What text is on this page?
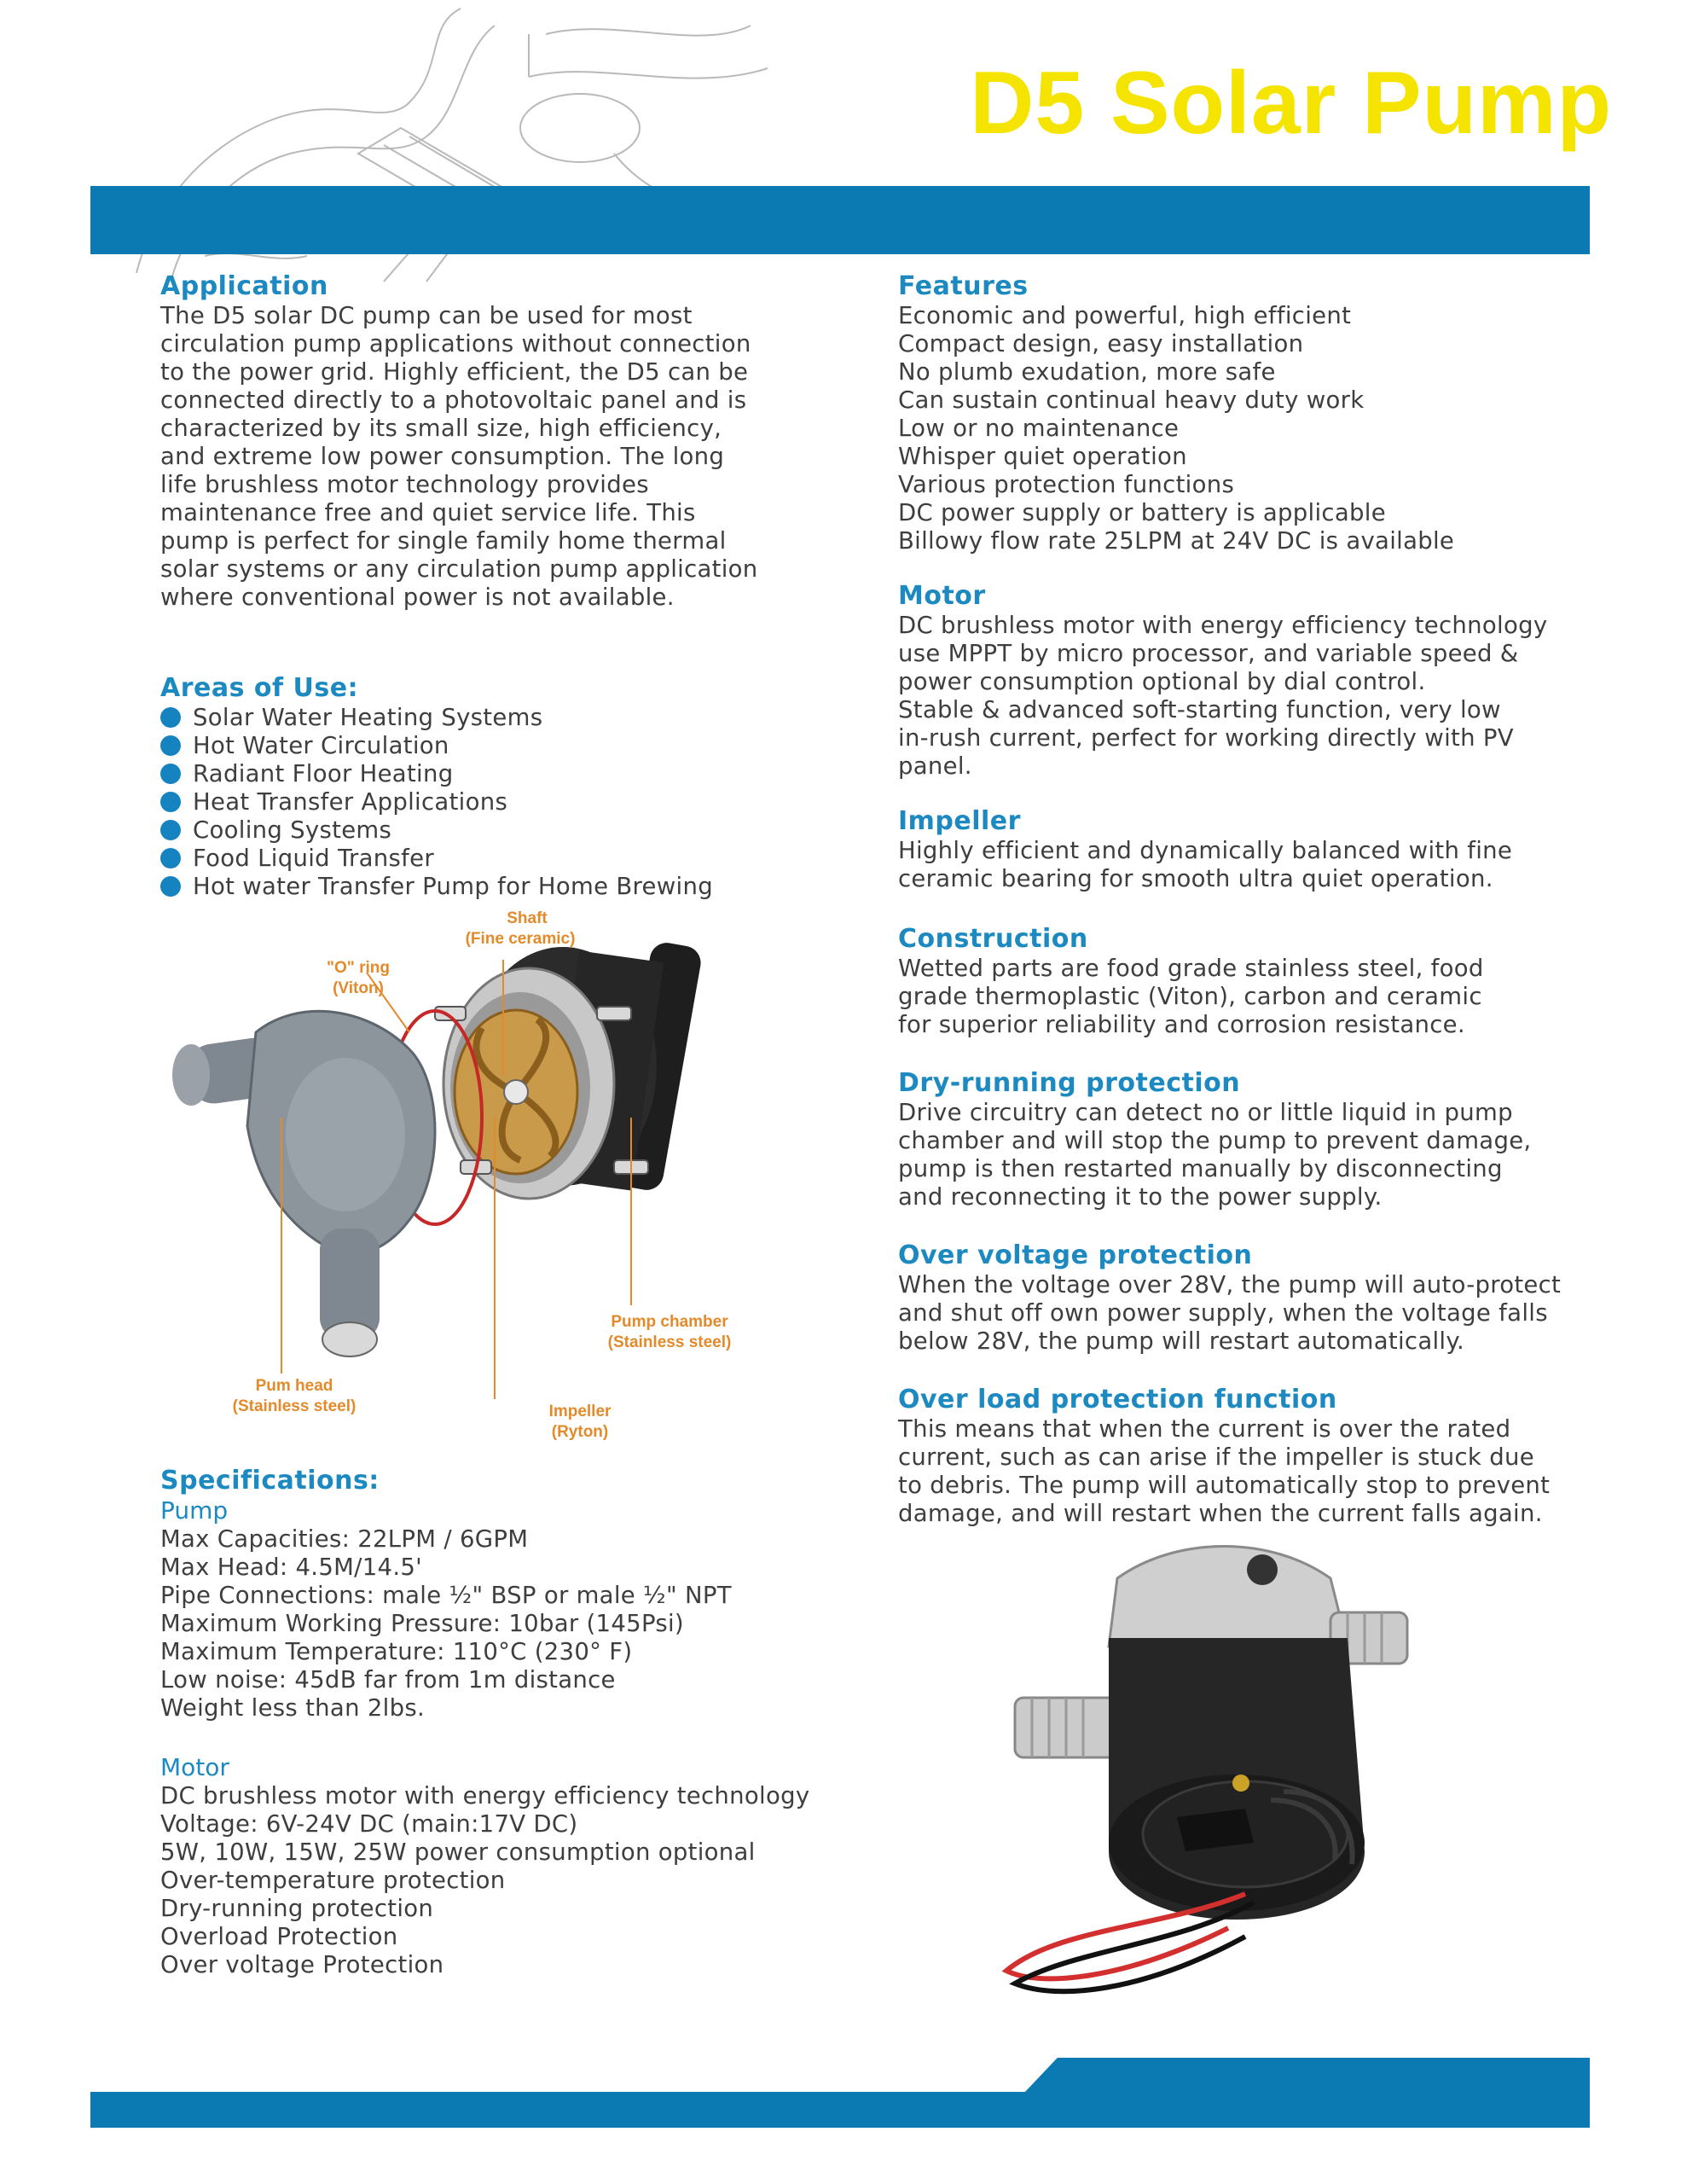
D5 Solar Pump
Application

The D5 solar DC pump can be used for most
circulation pump applications without connection
to the power grid. Highly efficient, the D5 can be
connected directly to a photovoltaic panel and is
characterized by its small size, high efficiency,
and extreme low power consumption. The long
life brushless motor technology provides
maintenance free and quiet service life. This
pump is perfect for single family home thermal
solar systems or any circulation pump application
where conventional power is not available.

Areas of Use:
Solar Water Heating Systems
Hot Water Circulation
Radiant Floor Heating
Heat Transfer Applications
Cooling Systems
Food Liquid Transfer
Hot water Transfer Pump for Home Brewing
Shaft
(Fine ceramic)
"O" ring
(Viton)
Pump chamber
(Stainless steel)
Pum head
(Stainless steel)	Impeller
(Ryton)
Specifications:

Pump

Max Capacities: 22LPM / 6GPM
Max Head: 4.5M/14.5'
Pipe Connections: male ½" BSP or male ½" NPT
Maximum Working Pressure: 10bar (145Psi)
Maximum Temperature: 110°C (230° F)
Low noise: 45dB far from 1m distance
Weight less than 2lbs.

Motor

DC brushless motor with energy efficiency technology
Voltage: 6V-24V DC (main:17V DC)
5W, 10W, 15W, 25W power consumption optional
Over-temperature protection
Dry-running protection
Overload Protection
Over voltage Protection

Features

Economic and powerful, high efficient
Compact design, easy installation
No plumb exudation, more safe
Can sustain continual heavy duty work
Low or no maintenance
Whisper quiet operation
Various protection functions
DC power supply or battery is applicable
Billowy flow rate 25LPM at 24V DC is available

Motor

DC brushless motor with energy efficiency technology
use MPPT by micro processor, and variable speed &
power consumption optional by dial control.
Stable & advanced soft-starting function, very low
in-rush current, perfect for working directly with PV
panel.

Impeller

Highly efficient and dynamically balanced with fine
ceramic bearing for smooth ultra quiet operation.

Construction

Wetted parts are food grade stainless steel, food
grade thermoplastic (Viton), carbon and ceramic
for superior reliability and corrosion resistance.

Dry-running protection

Drive circuitry can detect no or little liquid in pump
chamber and will stop the pump to prevent damage,
pump is then restarted manually by disconnecting
and reconnecting it to the power supply.

Over voltage protection

When the voltage over 28V, the pump will auto-protect
and shut off own power supply, when the voltage falls
below 28V, the pump will restart automatically.

Over load protection function

This means that when the current is over the rated
current, such as can arise if the impeller is stuck due
to debris. The pump will automatically stop to prevent
damage, and will restart when the current falls again.
